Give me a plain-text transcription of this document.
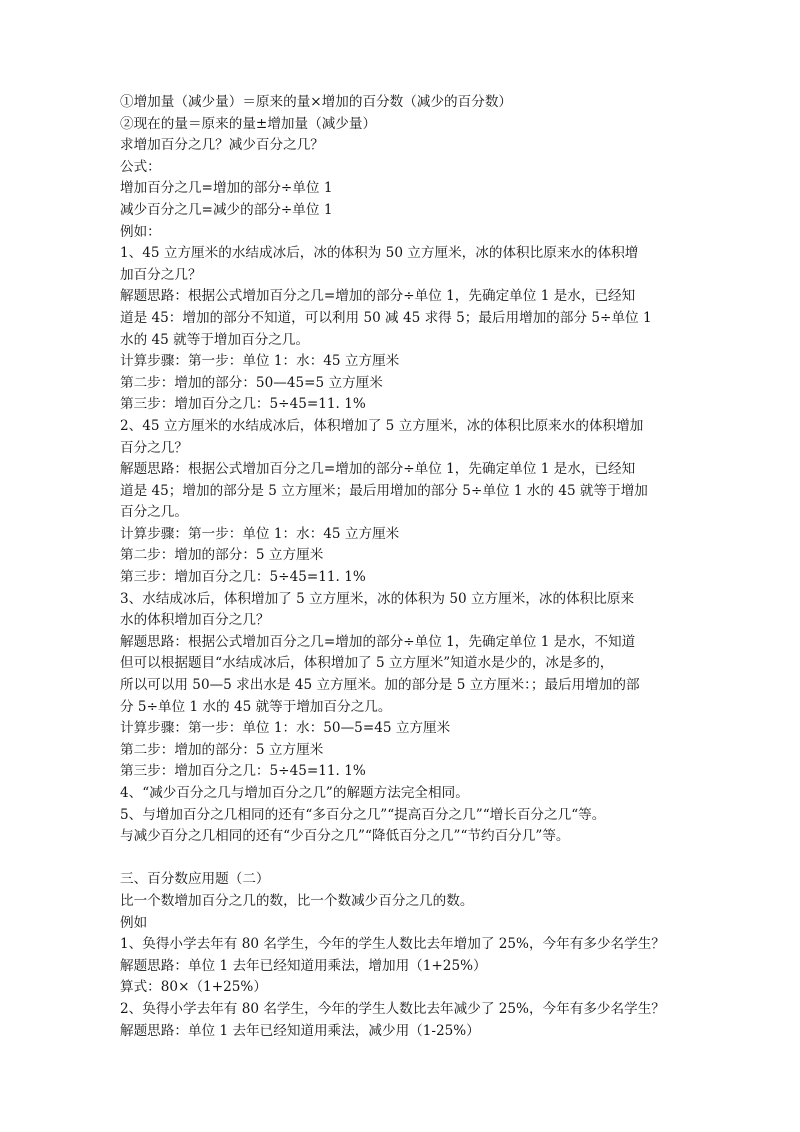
①增加量（减少量）＝原来的量×增加的百分数（减少的百分数）
②现在的量＝原来的量±增加量（减少量）
求增加百分之几？减少百分之几？
公式：
增加百分之几=增加的部分÷单位 1
减少百分之几=减少的部分÷单位 1
例如：
1、45 立方厘米的水结成冰后，冰的体积为 50 立方厘米，冰的体积比原来水的体积增
加百分之几？
解题思路：根据公式增加百分之几=增加的部分÷单位 1，先确定单位 1 是水，已经知
道是 45：增加的部分不知道，可以利用 50 减 45 求得 5；最后用增加的部分 5÷单位 1
水的 45 就等于增加百分之几。
计算步骤：第一步：单位 1：水：45 立方厘米
第二步：增加的部分：50—45=5 立方厘米
第三步：增加百分之几：5÷45=11. 1%
2、45 立方厘米的水结成冰后，体积增加了 5 立方厘米，冰的体积比原来水的体积增加
百分之几？
解题思路：根据公式增加百分之几=增加的部分÷单位 1，先确定单位 1 是水，已经知
道是 45；增加的部分是 5 立方厘米；最后用增加的部分 5÷单位 1 水的 45 就等于增加
百分之几。
计算步骤：第一步：单位 1：水：45 立方厘米
第二步：增加的部分：5 立方厘米
第三步：增加百分之几：5÷45=11. 1%
3、水结成冰后，体积增加了 5 立方厘米，冰的体积为 50 立方厘米，冰的体积比原来
水的体积增加百分之几？
解题思路：根据公式增加百分之几=增加的部分÷单位 1，先确定单位 1 是水，不知道
但可以根据题目“水结成冰后，体积增加了 5 立方厘米”知道水是少的，冰是多的，
所以可以用 50—5 求出水是 45 立方厘米。加的部分是 5 立方厘米：；最后用增加的部
分 5÷单位 1 水的 45 就等于增加百分之几。
计算步骤：第一步：单位 1：水：50—5=45 立方厘米
第二步：增加的部分：5 立方厘米
第三步：增加百分之几：5÷45=11. 1%
4、“减少百分之几与增加百分之几”的解题方法完全相同。
5、与增加百分之几相同的还有“多百分之几”“提高百分之几”“增长百分之几“等。
与减少百分之几相同的还有“少百分之几”“降低百分之几”“节约百分几”等。
三、百分数应用题（二）
比一个数增加百分之几的数，比一个数减少百分之几的数。
例如
1、奂得小学去年有 80 名学生，今年的学生人数比去年增加了 25%，今年有多少名学生？
解题思路：单位 1 去年已经知道用乘法，增加用（1+25%）
算式：80×（1+25%）
2、奂得小学去年有 80 名学生，今年的学生人数比去年减少了 25%，今年有多少名学生？
解题思路：单位 1 去年已经知道用乘法，减少用（1-25%）
